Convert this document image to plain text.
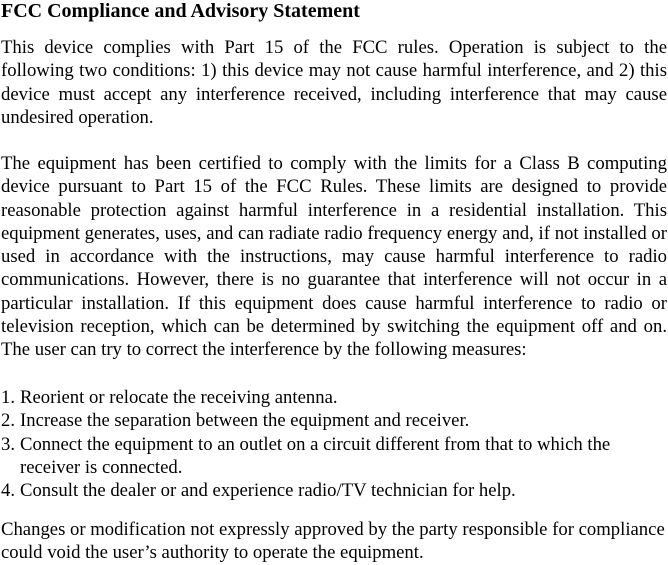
FCC Compliance and Advisory Statement

This device complies with Part 15 of the FCC rules. Operation is subject to the following two conditions: 1) this device may not cause harmful interference, and 2) this device must accept any interference received, including interference that may cause undesired operation.

The equipment has been certified to comply with the limits for a Class B computing device pursuant to Part 15 of the FCC Rules. These limits are designed to provide reasonable protection against harmful interference in a residential installation. This equipment generates, uses, and can radiate radio frequency energy and, if not installed or used in accordance with the instructions, may cause harmful interference to radio communications. However, there is no guarantee that interference will not occur in a particular installation. If this equipment does cause harmful interference to radio or television reception, which can be determined by switching the equipment off and on. The user can try to correct the interference by the following measures:

1. Reorient or relocate the receiving antenna.
2. Increase the separation between the equipment and receiver.
3. Connect the equipment to an outlet on a circuit different from that to which the receiver is connected.
4. Consult the dealer or and experience radio/TV technician for help.

Changes or modification not expressly approved by the party responsible for compliance could void the user’s authority to operate the equipment.
